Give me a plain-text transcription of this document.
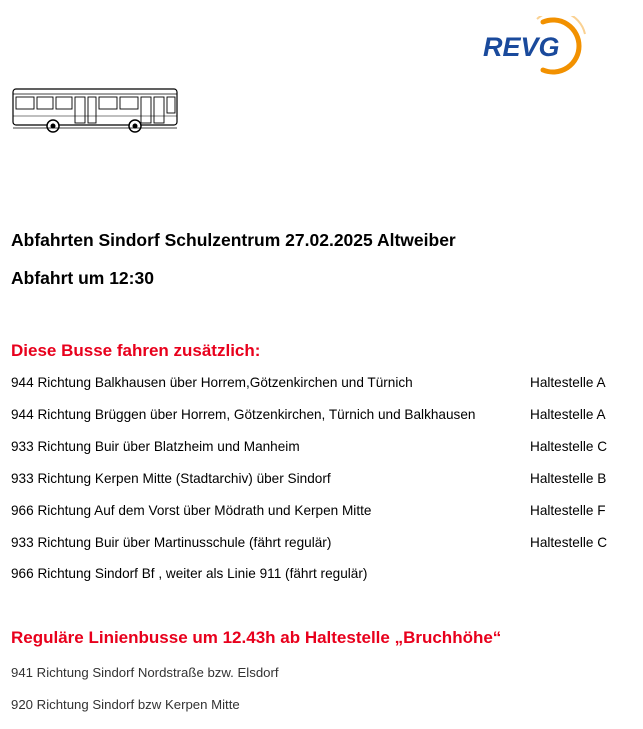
REVG
Abfahrten Sindorf Schulzentrum 27.02.2025 Altweiber
Abfahrt um 12:30
Diese Busse fahren zusätzlich:
944 Richtung Balkhausen über Horrem,Götzenkirchen und Türnich	Haltestelle A
944 Richtung Brüggen über Horrem, Götzenkirchen, Türnich und Balkhausen	Haltestelle A
933 Richtung Buir über Blatzheim und Manheim	Haltestelle C
933 Richtung Kerpen Mitte (Stadtarchiv) über Sindorf	Haltestelle B
966 Richtung Auf dem Vorst über Mödrath und Kerpen Mitte	Haltestelle F
933 Richtung Buir über Martinusschule (fährt regulär)	Haltestelle C
966 Richtung Sindorf Bf , weiter als Linie 911 (fährt regulär)
Reguläre Linienbusse um 12.43h ab Haltestelle „Bruchhöhe“
941 Richtung Sindorf Nordstraße bzw. Elsdorf
920 Richtung Sindorf bzw Kerpen Mitte
